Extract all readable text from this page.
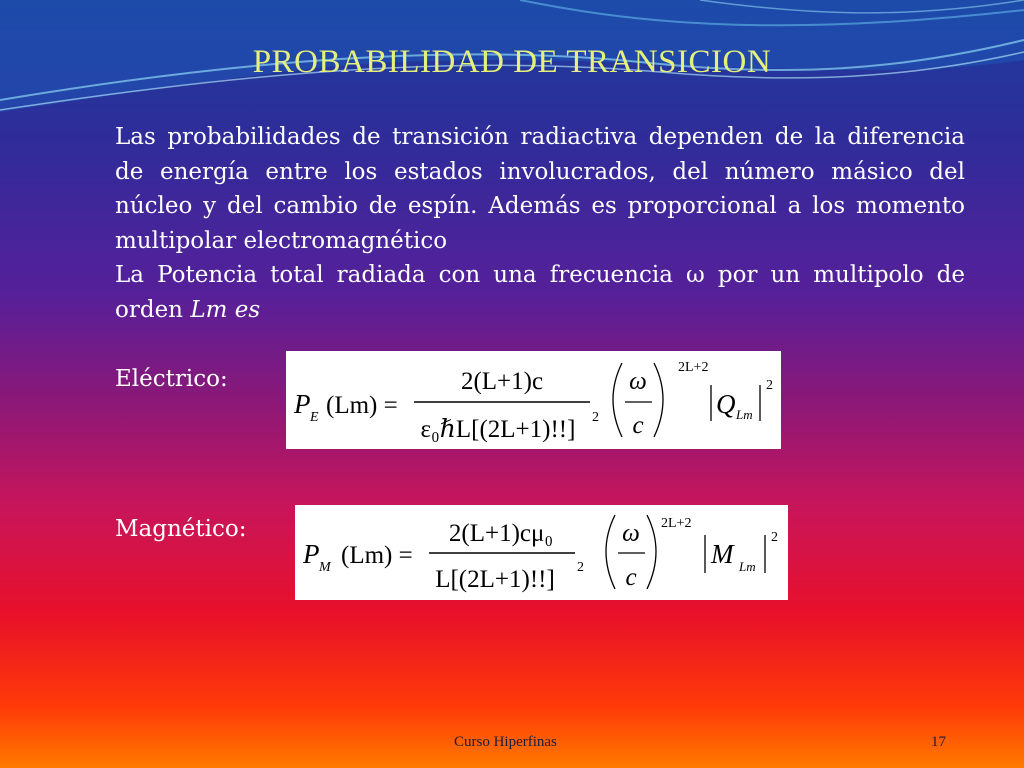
PROBABILIDAD DE TRANSICION

Las probabilidades de transición radiactiva dependen de la diferencia de energía entre los estados involucrados, del número másico del núcleo y del cambio de espín. Además es proporcional a los momento multipolar electromagnético

La Potencia total radiada con una frecuencia ω por un multipolo de orden Lm es

Eléctrico:
Magnético:
P E (Lm) =
2(L+1)c
ε₀ℏL[(2L+1)!!] 2
ω
c
2L+2
Q Lm
2
P M (Lm) =
2(L+1)cμ₀
L[(2L+1)!!] 2
ω
c
2L+2
M Lm
2
Curso Hiperfinas	17
